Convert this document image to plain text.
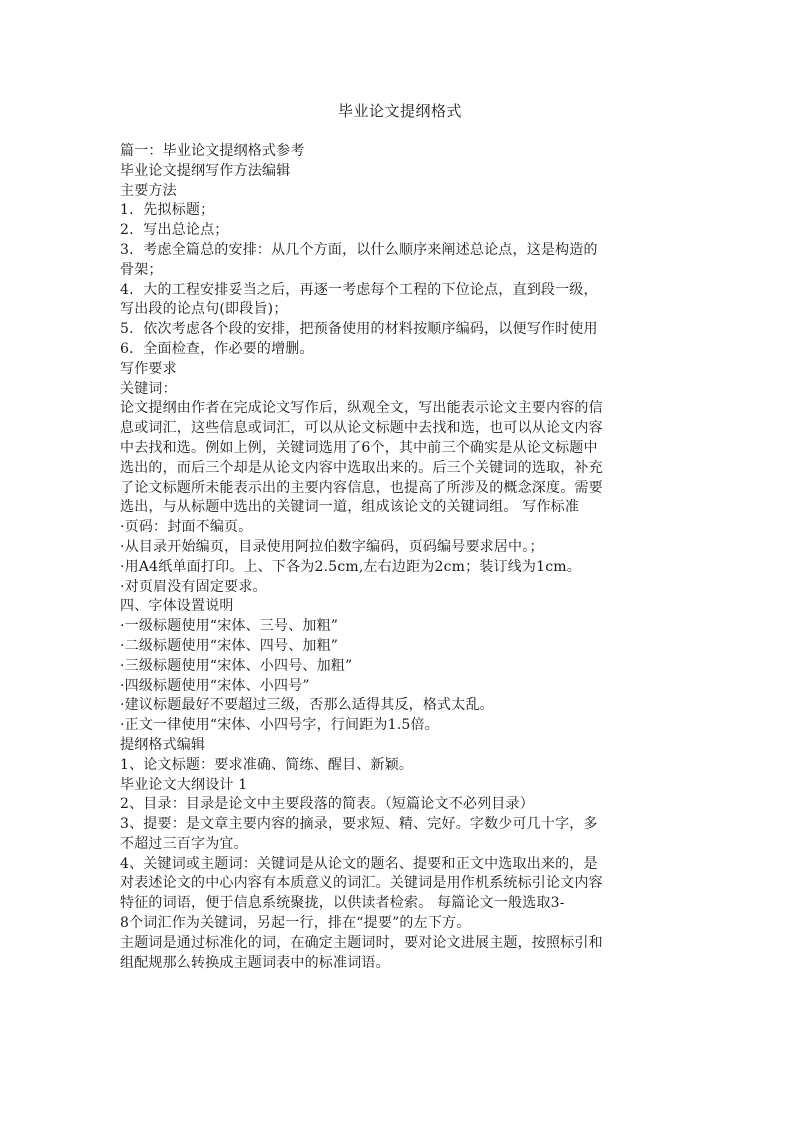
毕业论文提纲格式
篇一：毕业论文提纲格式参考
毕业论文提纲写作方法编辑
主要方法
1．先拟标题；
2．写出总论点；
3．考虑全篇总的安排：从几个方面，以什么顺序来阐述总论点，这是构造的
骨架；
4．大的工程安排妥当之后，再逐一考虑每个工程的下位论点，直到段一级，
写出段的论点句(即段旨)；
5．依次考虑各个段的安排，把预备使用的材料按顺序编码，以便写作时使用
6．全面检查，作必要的增删。
写作要求
关键词：
论文提纲由作者在完成论文写作后，纵观全文，写出能表示论文主要内容的信
息或词汇，这些信息或词汇，可以从论文标题中去找和选，也可以从论文内容
中去找和选。例如上例，关键词选用了6个，其中前三个确实是从论文标题中
选出的，而后三个却是从论文内容中选取出来的。后三个关键词的选取，补充
了论文标题所未能表示出的主要内容信息，也提高了所涉及的概念深度。需要
选出，与从标题中选出的关键词一道，组成该论文的关键词组。 写作标准
·页码：封面不编页。
·从目录开始编页，目录使用阿拉伯数字编码，页码编号要求居中。；
·用A4纸单面打印。上、下各为2.5cm,左右边距为2cm；装订线为1cm。
·对页眉没有固定要求。
四、字体设置说明
·一级标题使用“宋体、三号、加粗”
·二级标题使用“宋体、四号、加粗”
·三级标题使用“宋体、小四号、加粗”
·四级标题使用“宋体、小四号”
·建议标题最好不要超过三级，否那么适得其反，格式太乱。
·正文一律使用“宋体、小四号字，行间距为1.5倍。
提纲格式编辑
1、论文标题：要求准确、简练、醒目、新颖。
毕业论文大纲设计 1
2、目录：目录是论文中主要段落的简表。（短篇论文不必列目录）
3、提要：是文章主要内容的摘录，要求短、精、完好。字数少可几十字，多
不超过三百字为宜。
4、关键词或主题词：关键词是从论文的题名、提要和正文中选取出来的，是
对表述论文的中心内容有本质意义的词汇。关键词是用作机系统标引论文内容
特征的词语，便于信息系统聚拢，以供读者检索。 每篇论文一般选取3-
8个词汇作为关键词，另起一行，排在“提要”的左下方。
主题词是通过标准化的词，在确定主题词时，要对论文进展主题，按照标引和
组配规那么转换成主题词表中的标准词语。
